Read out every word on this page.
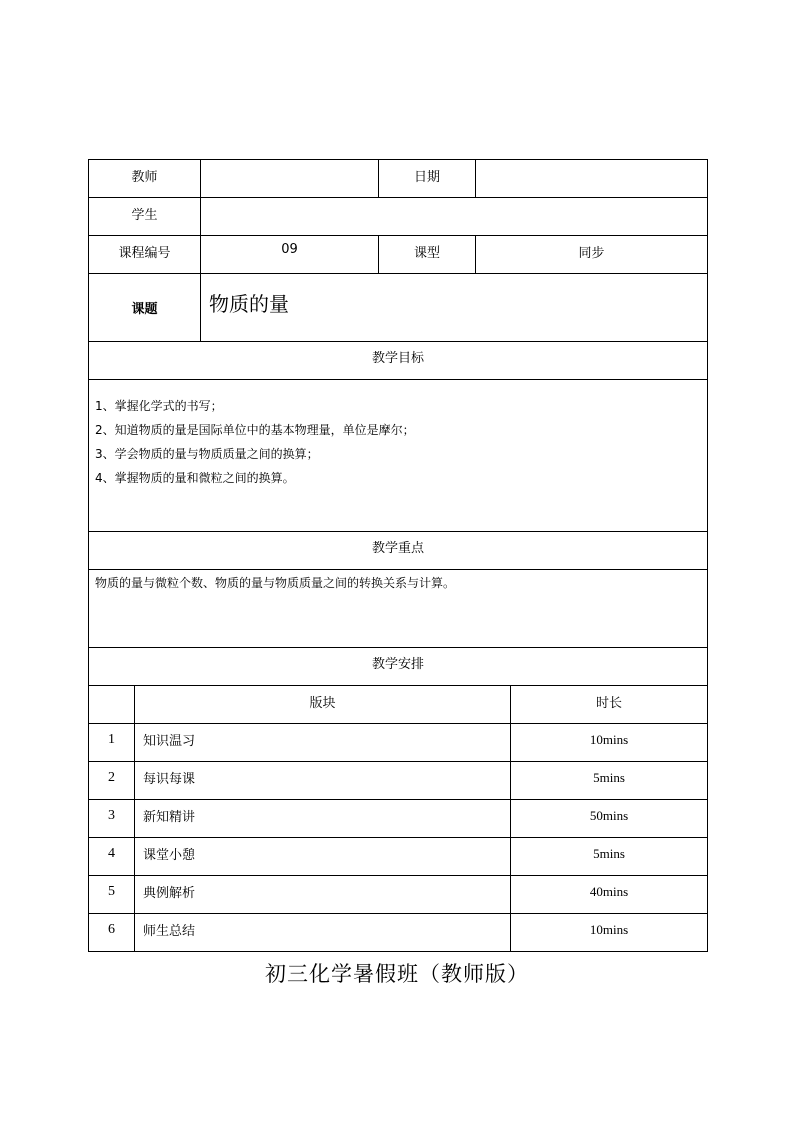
教师		日期	
学生			
课程编号	09	课型	同步
课题	物质的量		
教学目标			

1、掌握化学式的书写；
2、知道物质的量是国际单位中的基本物理量，单位是摩尔；
3、学会物质的量与物质质量之间的换算；
4、掌握物质的量和微粒之间的换算。			

教学重点			
物质的量与微粒个数、物质的量与物质质量之间的转换关系与计算。			
教学安排			
	版块	时长
1	知识温习	10mins
2	每识每课	5mins
3	新知精讲	50mins
4	课堂小憩	5mins
5	典例解析	40mins
6	师生总结	10mins
初三化学暑假班（教师版）
